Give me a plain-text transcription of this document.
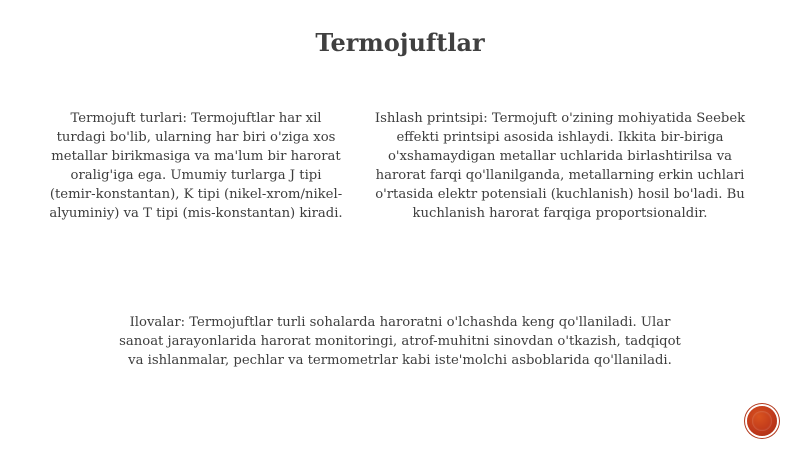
Termojuftlar
Termojuft turlari: Termojuftlar har xil turdagi bo'lib, ularning har biri o'ziga xos metallar birikmasiga va ma'lum bir harorat oralig'iga ega. Umumiy turlarga J tipi (temir-konstantan), K tipi (nikel-xrom/nikel-alyuminiy) va T tipi (mis-konstantan) kiradi.
Ishlash printsipi: Termojuft o'zining mohiyatida Seebek effekti printsipi asosida ishlaydi. Ikkita bir-biriga o'xshamaydigan metallar uchlarida birlashtirilsa va harorat farqi qo'llanilganda, metallarning erkin uchlari o'rtasida elektr potensiali (kuchlanish) hosil bo'ladi. Bu kuchlanish harorat farqiga proportsionaldir.
Ilovalar: Termojuftlar turli sohalarda haroratni o'lchashda keng qo'llaniladi. Ular sanoat jarayonlarida harorat monitoringi, atrof-muhitni sinovdan o'tkazish, tadqiqot va ishlanmalar, pechlar va termometrlar kabi iste'molchi asboblarida qo'llaniladi.
